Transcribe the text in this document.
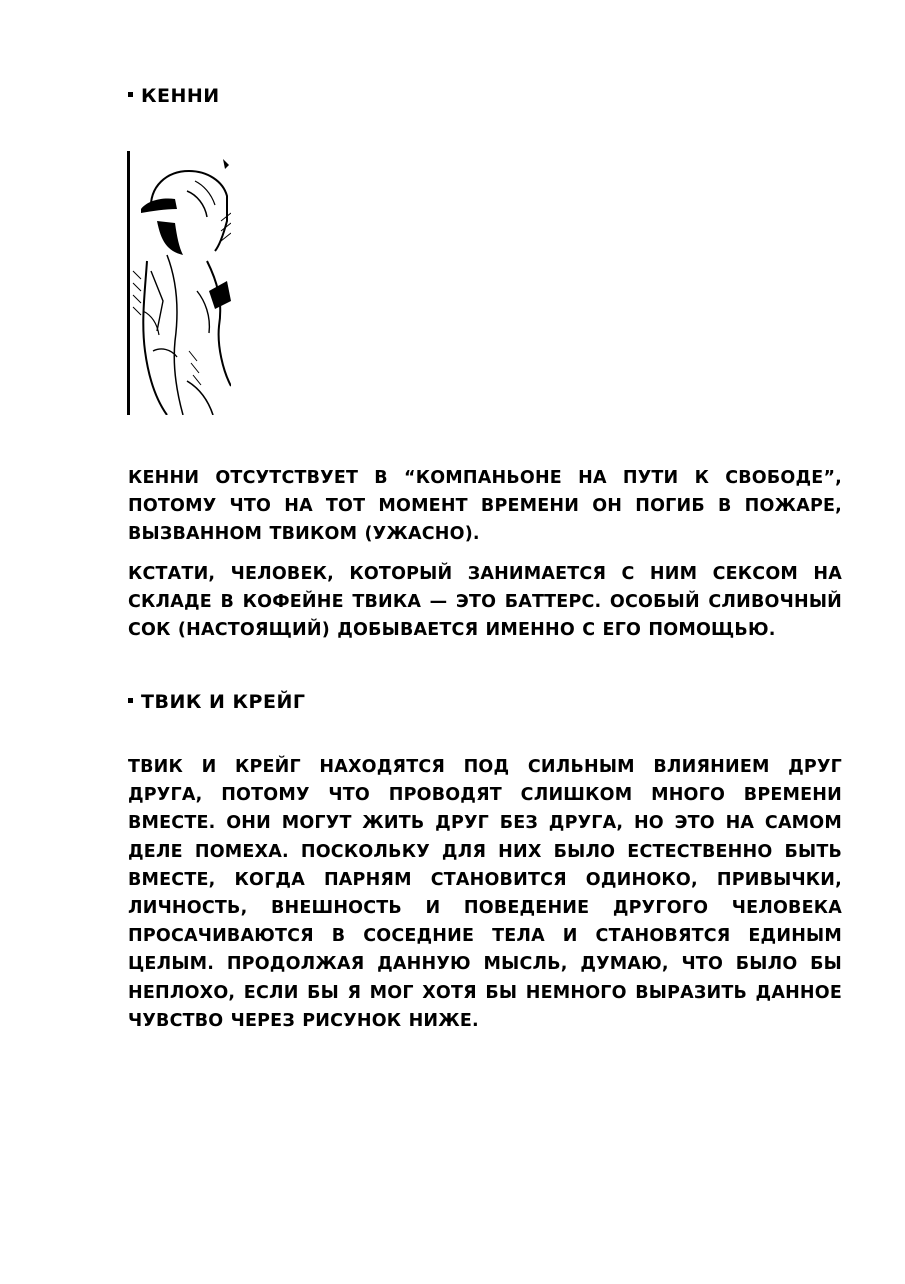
КЕННИ
КЕННИ ОТСУТСТВУЕТ В “КОМПАНЬОНЕ НА ПУТИ К СВОБОДЕ”, ПОТОМУ ЧТО НА ТОТ МОМЕНТ ВРЕМЕНИ ОН ПОГИБ В ПОЖАРЕ, ВЫЗВАННОМ ТВИКОМ (УЖАСНО).
КСТАТИ, ЧЕЛОВЕК, КОТОРЫЙ ЗАНИМАЕТСЯ С НИМ СЕКСОМ НА СКЛАДЕ В КОФЕЙНЕ ТВИКА — ЭТО БАТТЕРС. ОСОБЫЙ СЛИВОЧНЫЙ СОК (НАСТОЯЩИЙ) ДОБЫВАЕТСЯ ИМЕННО С ЕГО ПОМОЩЬЮ.
ТВИК И КРЕЙГ
ТВИК И КРЕЙГ НАХОДЯТСЯ ПОД СИЛЬНЫМ ВЛИЯНИЕМ ДРУГ ДРУГА, ПОТОМУ ЧТО ПРОВОДЯТ СЛИШКОМ МНОГО ВРЕМЕНИ ВМЕСТЕ. ОНИ МОГУТ ЖИТЬ ДРУГ БЕЗ ДРУГА, НО ЭТО НА САМОМ ДЕЛЕ ПОМЕХА. ПОСКОЛЬКУ ДЛЯ НИХ БЫЛО ЕСТЕСТВЕННО БЫТЬ ВМЕСТЕ, КОГДА ПАРНЯМ СТАНОВИТСЯ ОДИНОКО, ПРИВЫЧКИ, ЛИЧНОСТЬ, ВНЕШНОСТЬ И ПОВЕДЕНИЕ ДРУГОГО ЧЕЛОВЕКА ПРОСАЧИВАЮТСЯ В СОСЕДНИЕ ТЕЛА И СТАНОВЯТСЯ ЕДИНЫМ ЦЕЛЫМ. ПРОДОЛЖАЯ ДАННУЮ МЫСЛЬ, ДУМАЮ, ЧТО БЫЛО БЫ НЕПЛОХО, ЕСЛИ БЫ Я МОГ ХОТЯ БЫ НЕМНОГО ВЫРАЗИТЬ ДАННОЕ ЧУВСТВО ЧЕРЕЗ РИСУНОК НИЖЕ.
